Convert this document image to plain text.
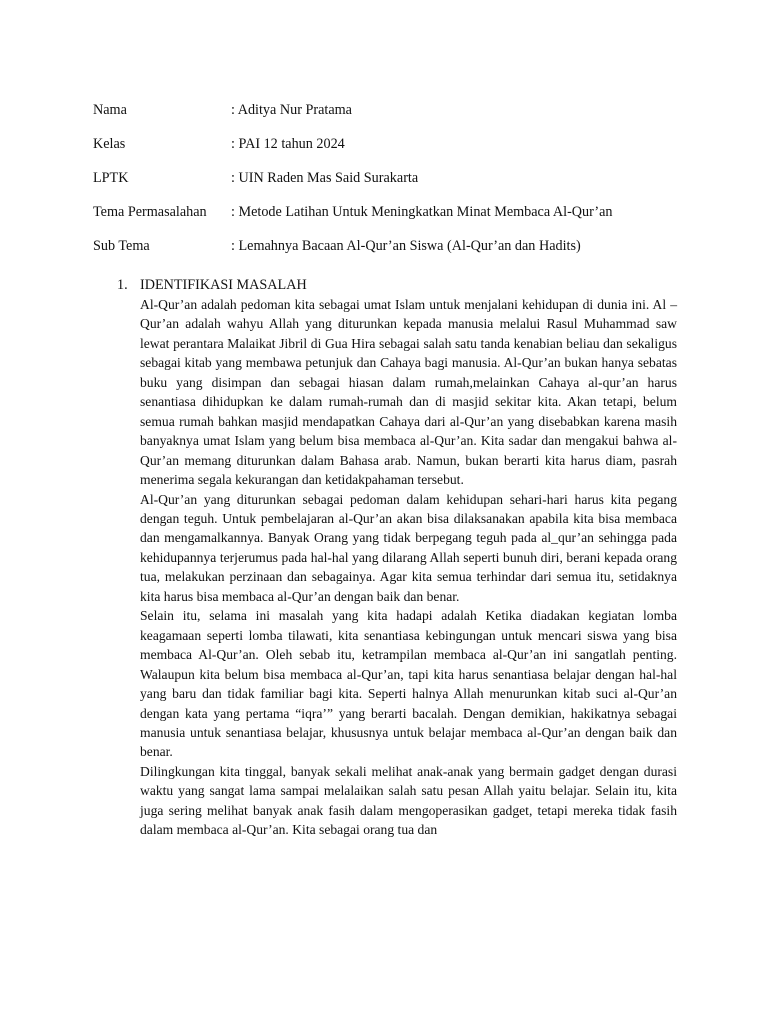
Nama	: Aditya Nur Pratama
Kelas	: PAI 12 tahun 2024
LPTK	: UIN Raden Mas Said Surakarta
Tema Permasalahan : Metode Latihan Untuk Meningkatkan Minat Membaca Al-Qur’an
Sub Tema	: Lemahnya Bacaan Al-Qur’an Siswa (Al-Qur’an dan Hadits)
1. IDENTIFIKASI MASALAH

Al-Qur’an adalah pedoman kita sebagai umat Islam untuk menjalani kehidupan di dunia ini. Al – Qur’an adalah wahyu Allah yang diturunkan kepada manusia melalui Rasul Muhammad saw lewat perantara Malaikat Jibril di Gua Hira sebagai salah satu tanda kenabian beliau dan sekaligus sebagai kitab yang membawa petunjuk dan Cahaya bagi manusia. Al-Qur’an bukan hanya sebatas buku yang disimpan dan sebagai hiasan dalam rumah,melainkan Cahaya al-qur’an harus senantiasa dihidupkan ke dalam rumah-rumah dan di masjid sekitar kita. Akan tetapi, belum semua rumah bahkan masjid mendapatkan Cahaya dari al-Qur’an yang disebabkan karena masih banyaknya umat Islam yang belum bisa membaca al-Qur’an. Kita sadar dan mengakui bahwa al-Qur’an memang diturunkan dalam Bahasa arab. Namun, bukan berarti kita harus diam, pasrah menerima segala kekurangan dan ketidakpahaman tersebut.

Al-Qur’an yang diturunkan sebagai pedoman dalam kehidupan sehari-hari harus kita pegang dengan teguh. Untuk pembelajaran al-Qur’an akan bisa dilaksanakan apabila kita bisa membaca dan mengamalkannya. Banyak Orang yang tidak berpegang teguh pada al_qur’an sehingga pada kehidupannya terjerumus pada hal-hal yang dilarang Allah seperti bunuh diri, berani kepada orang tua, melakukan perzinaan dan sebagainya. Agar kita semua terhindar dari semua itu, setidaknya kita harus bisa membaca al-Qur’an dengan baik dan benar.

Selain itu, selama ini masalah yang kita hadapi adalah Ketika diadakan kegiatan lomba keagamaan seperti lomba tilawati, kita senantiasa kebingungan untuk mencari siswa yang bisa membaca Al-Qur’an. Oleh sebab itu, ketrampilan membaca al-Qur’an ini sangatlah penting. Walaupun kita belum bisa membaca al-Qur’an, tapi kita harus senantiasa belajar dengan hal-hal yang baru dan tidak familiar bagi kita. Seperti halnya Allah menurunkan kitab suci al-Qur’an dengan kata yang pertama “iqra’” yang berarti bacalah. Dengan demikian, hakikatnya sebagai manusia untuk senantiasa belajar, khususnya untuk belajar membaca al-Qur’an dengan baik dan benar.

Dilingkungan kita tinggal, banyak sekali melihat anak-anak yang bermain gadget dengan durasi waktu yang sangat lama sampai melalaikan salah satu pesan Allah yaitu belajar. Selain itu, kita juga sering melihat banyak anak fasih dalam mengoperasikan gadget, tetapi mereka tidak fasih dalam membaca al-Qur’an. Kita sebagai orang tua dan
